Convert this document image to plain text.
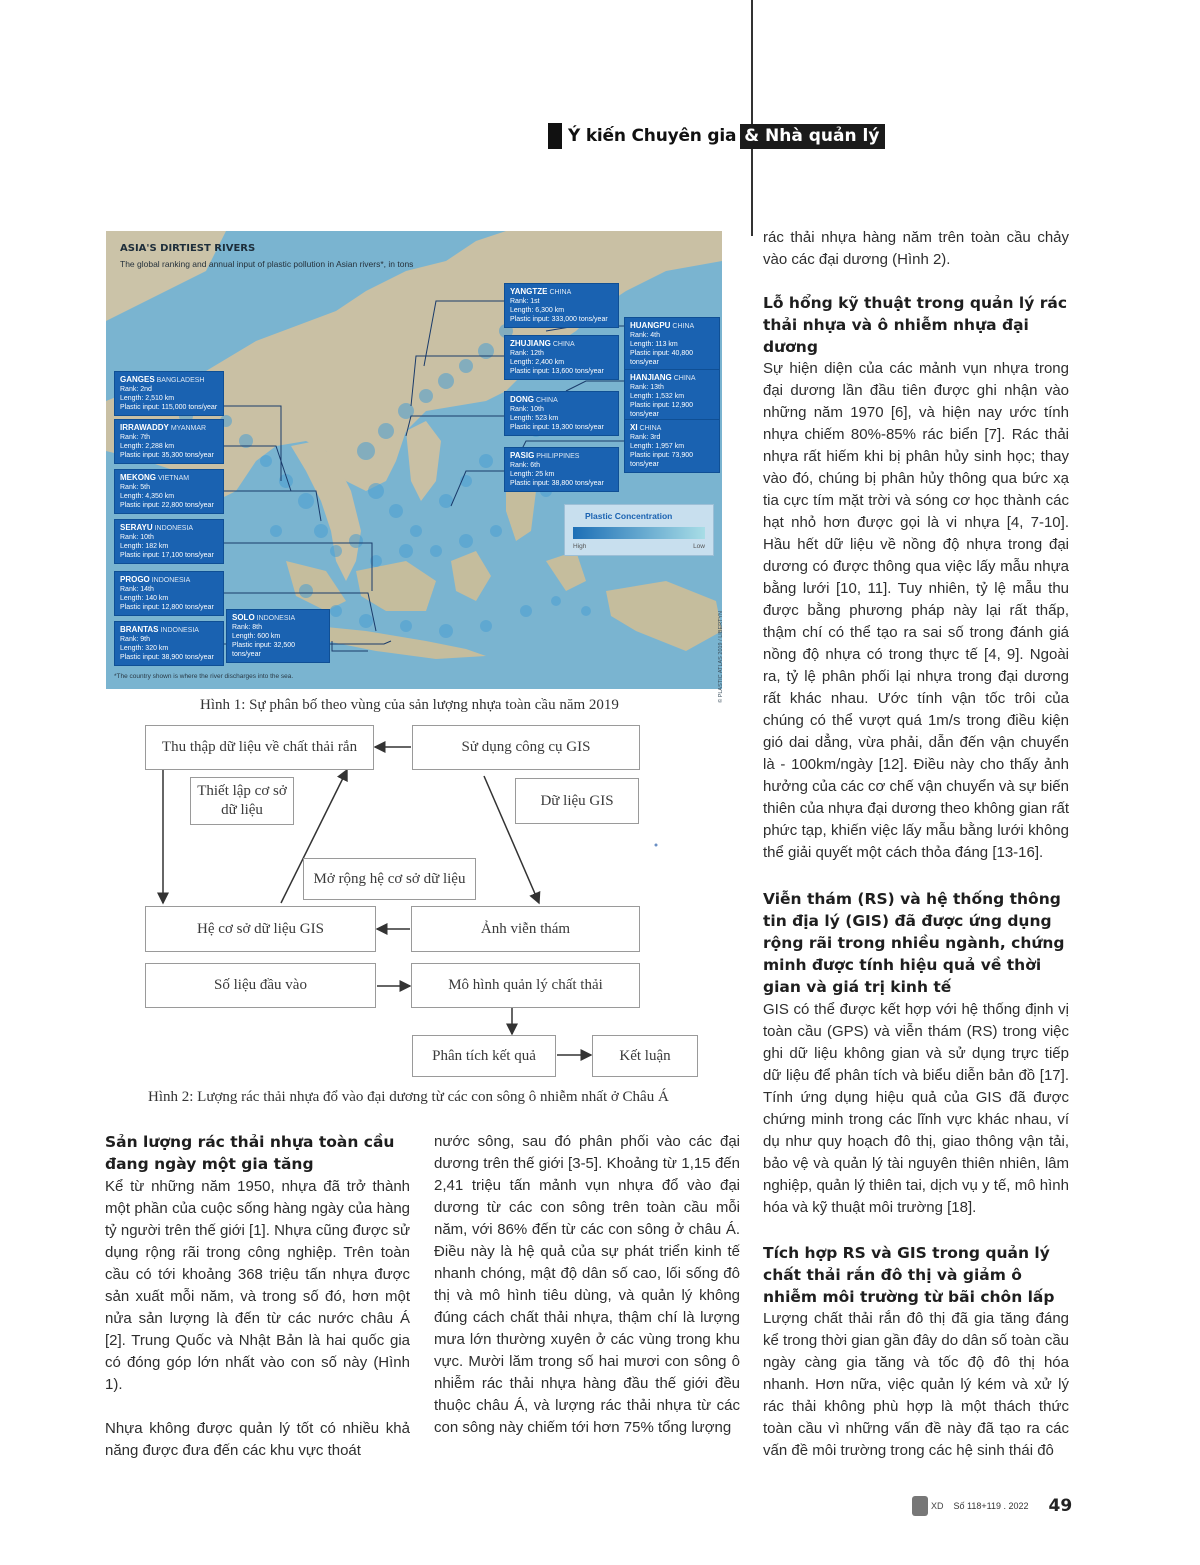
Ý kiến Chuyên gia & Nhà quản lý
ASIA'S DIRTIEST RIVERS
The global ranking and annual input of plastic pollution in Asian rivers*, in tons
YANGTZE CHINA
Rank: 1st
Length: 6,300 km
Plastic input: 333,000 tons/year
HUANGPU CHINA
Rank: 4th
Length: 113 km
Plastic input: 40,800 tons/year
ZHUJIANG CHINA
Rank: 12th
Length: 2,400 km
Plastic input: 13,600 tons/year
HANJIANG CHINA
Rank: 13th
Length: 1,532 km
Plastic input: 12,900 tons/year
DONG CHINA
Rank: 10th
Length: 523 km
Plastic input: 19,300 tons/year	XI CHINA
Rank: 3rd
Length: 1,957 km
Plastic input: 73,900 tons/year
PASIG PHILIPPINES
Rank: 6th
Length: 25 km
Plastic input: 38,800 tons/year
GANGES BANGLADESH
Rank: 2nd
Length: 2,510 km
Plastic input: 115,000 tons/year
IRRAWADDY MYANMAR
Rank: 7th
Length: 2,288 km
Plastic input: 35,300 tons/year
MEKONG VIETNAM
Rank: 5th
Length: 4,350 km
Plastic input: 22,800 tons/year
SERAYU INDONESIA
Rank: 10th
Length: 182 km
Plastic input: 17,100 tons/year
PROGO INDONESIA
Rank: 14th
Length: 140 km
Plastic input: 12,800 tons/year
BRANTAS INDONESIA
Rank: 9th
Length: 320 km
Plastic input: 38,900 tons/year
SOLO INDONESIA
Rank: 8th
Length: 600 km
Plastic input: 32,500 tons/year
Plastic Concentration
High	Low
*The country shown is where the river discharges into the sea.	© PLASTIC ATLAS 2019 / LIBERTYN
Hình 1: Sự phân bố theo vùng của sản lượng nhựa toàn cầu năm 2019
Thu thập dữ liệu về chất thải rắn	Sử dụng công cụ GIS
Thiết lập cơ sở
dữ liệu
Dữ liệu GIS
Mở rộng hệ cơ sở dữ liệu
Hệ cơ sở dữ liệu GIS	Ảnh viễn thám
Số liệu đầu vào	Mô hình quản lý chất thải
Phân tích kết quả	Kết luận
Hình 2: Lượng rác thải nhựa đổ vào đại dương từ các con sông ô nhiễm nhất ở Châu Á
Sản lượng rác thải nhựa toàn cầu đang ngày một gia tăng
Kể từ những năm 1950, nhựa đã trở thành một phần của cuộc sống hàng ngày của hàng tỷ người trên thế giới [1]. Nhựa cũng được sử dụng rộng rãi trong công nghiệp. Trên toàn cầu có tới khoảng 368 triệu tấn nhựa được sản xuất mỗi năm, và trong số đó, hơn một nửa sản lượng là đến từ các nước châu Á [2]. Trung Quốc và Nhật Bản là hai quốc gia có đóng góp lớn nhất vào con số này (Hình 1).
Nhựa không được quản lý tốt có nhiều khả năng được đưa đến các khu vực thoát
nước sông, sau đó phân phối vào các đại dương trên thế giới [3-5]. Khoảng từ 1,15 đến 2,41 triệu tấn mảnh vụn nhựa đổ vào đại dương từ các con sông trên toàn cầu mỗi năm, với 86% đến từ các con sông ở châu Á. Điều này là hệ quả của sự phát triển kinh tế nhanh chóng, mật độ dân số cao, lối sống đô thị và mô hình tiêu dùng, và quản lý không đúng cách chất thải nhựa, thậm chí là lượng mưa lớn thường xuyên ở các vùng trong khu vực. Mười lăm trong số hai mươi con sông ô nhiễm rác thải nhựa hàng đầu thế giới đều thuộc châu Á, và lượng rác thải nhựa từ các con sông này chiếm tới hơn 75% tổng lượng
rác thải nhựa hàng năm trên toàn cầu chảy vào các đại dương (Hình 2).
Lỗ hổng kỹ thuật trong quản lý rác thải nhựa và ô nhiễm nhựa đại dương
Sự hiện diện của các mảnh vụn nhựa trong đại dương lần đầu tiên được ghi nhận vào những năm 1970 [6], và hiện nay ước tính nhựa chiếm 80%-85% rác biển [7]. Rác thải nhựa rất hiếm khi bị phân hủy sinh học; thay vào đó, chúng bị phân hủy thông qua bức xạ tia cực tím mặt trời và sóng cơ học thành các hạt nhỏ hơn được gọi là vi nhựa [4, 7-10]. Hầu hết dữ liệu về nồng độ nhựa trong đại dương có được thông qua việc lấy mẫu nhựa bằng lưới [10, 11]. Tuy nhiên, tỷ lệ mẫu thu được bằng phương pháp này lại rất thấp, thậm chí có thể tạo ra sai số trong đánh giá nồng độ nhựa có trong thực tế [4, 9]. Ngoài ra, tỷ lệ phân phối lại nhựa trong đại dương rất khác nhau. Ước tính vận tốc trôi của chúng có thể vượt quá 1m/s trong điều kiện gió dai dẳng, vừa phải, dẫn đến vận chuyển là - 100km/ngày [12]. Điều này cho thấy ảnh hưởng của các cơ chế vận chuyển và sự biến thiên của nhựa đại dương theo không gian rất phức tạp, khiến việc lấy mẫu bằng lưới không thể giải quyết một cách thỏa đáng [13-16].
Viễn thám (RS) và hệ thống thông tin địa lý (GIS) đã được ứng dụng rộng rãi trong nhiều ngành, chứng minh được tính hiệu quả về thời gian và giá trị kinh tế
GIS có thể được kết hợp với hệ thống định vị toàn cầu (GPS) và viễn thám (RS) trong việc ghi dữ liệu không gian và sử dụng trực tiếp dữ liệu để phân tích và biểu diễn bản đồ [17]. Tính ứng dụng hiệu quả của GIS đã được chứng minh trong các lĩnh vực khác nhau, ví dụ như quy hoạch đô thị, giao thông vận tải, bảo vệ và quản lý tài nguyên thiên nhiên, lâm nghiệp, quản lý thiên tai, dịch vụ y tế, mô hình hóa và kỹ thuật môi trường [18].
Tích hợp RS và GIS trong quản lý chất thải rắn đô thị và giảm ô nhiễm môi trường từ bãi chôn lấp
Lượng chất thải rắn đô thị đã gia tăng đáng kể trong thời gian gần đây do dân số toàn cầu ngày càng gia tăng và tốc độ đô thị hóa nhanh. Hơn nữa, việc quản lý kém và xử lý rác thải không phù hợp là một thách thức toàn cầu vì những vấn đề này đã tạo ra các vấn đề môi trường trong các hệ sinh thái đô
XD Số 118+119 . 2022 49
